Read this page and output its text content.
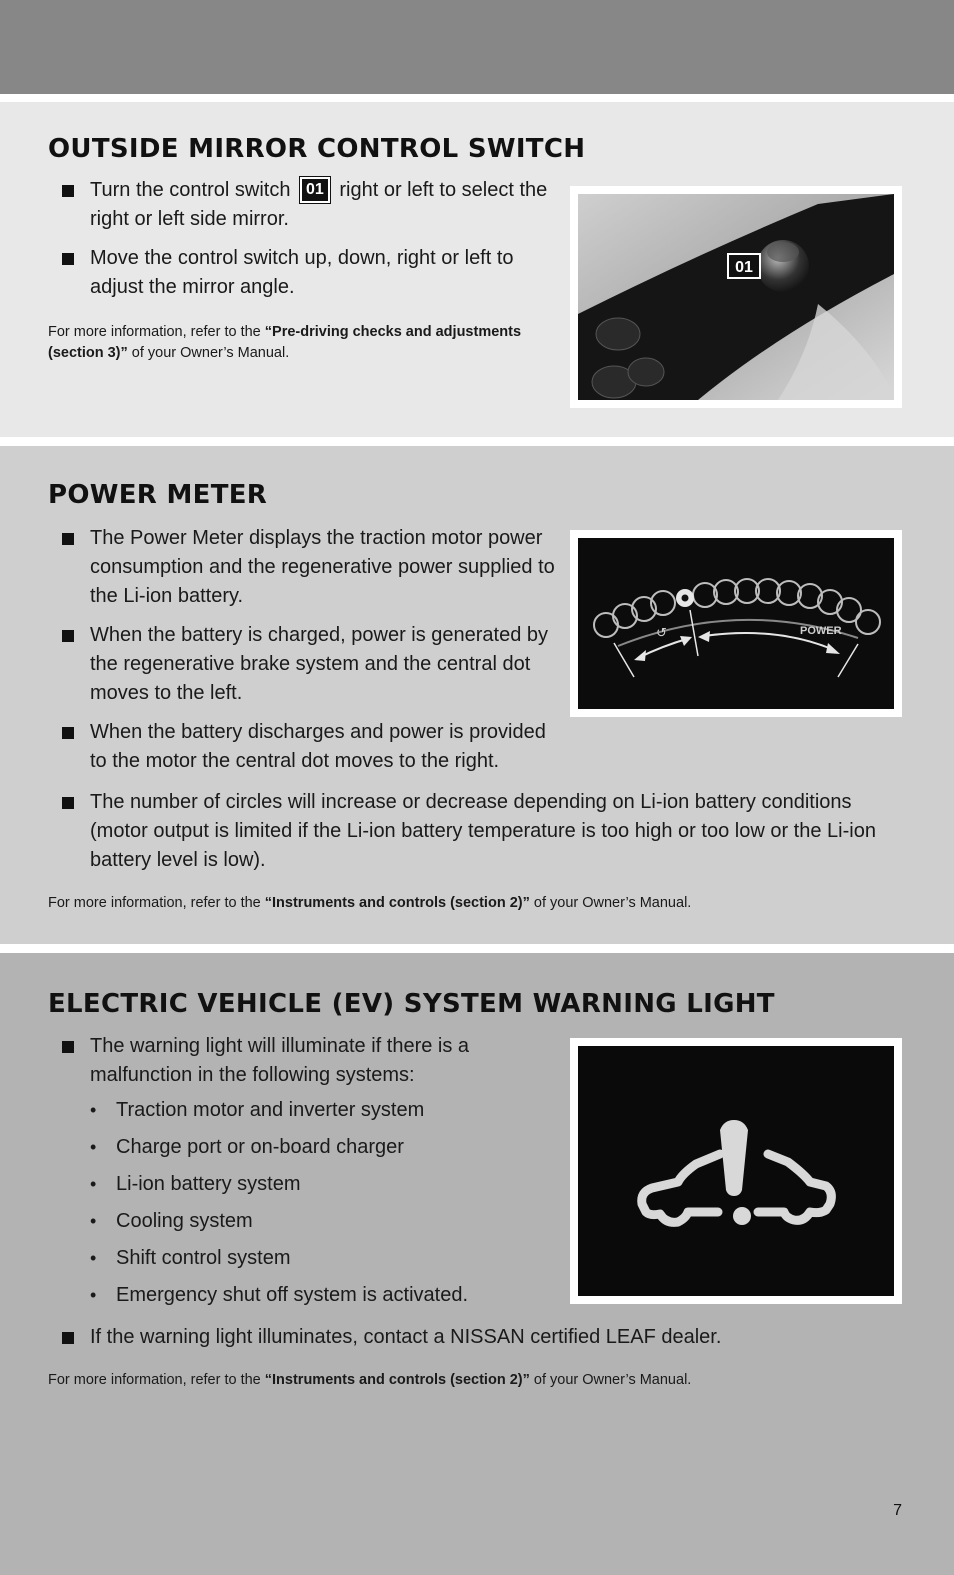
OUTSIDE MIRROR CONTROL SWITCH
Turn the control switch 01 right or left to select the right or left side mirror.
Move the control switch up, down, right or left to adjust the mirror angle.
For more information, refer to the “Pre-driving checks and adjustments (section 3)” of your Owner’s Manual.
01
POWER METER
The Power Meter displays the traction motor power consumption and the regenerative power supplied to the Li-ion battery.
When the battery is charged, power is generated by the regenerative brake system and the central dot moves to the left.
When the battery discharges and power is provided to the motor the central dot moves to the right.
The number of circles will increase or decrease depending on Li-ion battery conditions (motor output is limited if the Li-ion battery temperature is too high or too low or the Li-ion battery level is low).
For more information, refer to the “Instruments and controls (section 2)” of your Owner’s Manual.
POWER
↺
ELECTRIC VEHICLE (EV) SYSTEM WARNING LIGHT
The warning light will illuminate if there is a malfunction in the following systems:
• Traction motor and inverter system
• Charge port or on-board charger
• Li-ion battery system
• Cooling system
• Shift control system
• Emergency shut off system is activated.
If the warning light illuminates, contact a NISSAN certified LEAF dealer.
For more information, refer to the “Instruments and controls (section 2)” of your Owner’s Manual.
7
